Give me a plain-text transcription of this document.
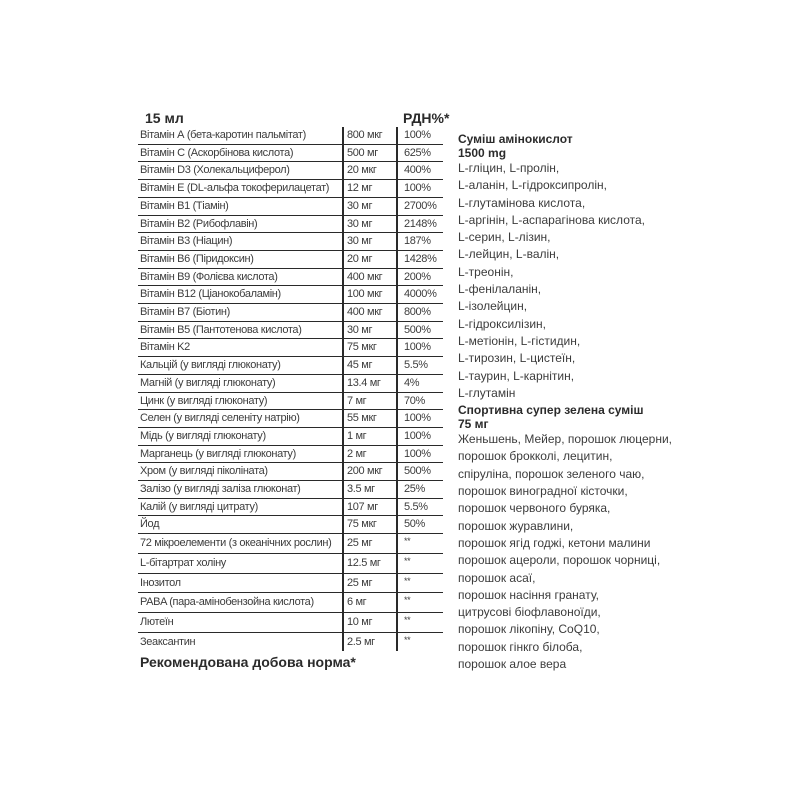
15 мл	РДН%*
Вітамін А (бета-каротин пальмітат)	800 мкг	100%
Вітамін С (Аскорбінова кислота)	500 мг	625%
Вітамін D3 (Холекальциферол)	20 мкг	400%
Вітамін E (DL-альфа токоферилацетат)	12 мг	100%
Вітамін B1 (Тіамін)	30 мг	2700%
Вітамін B2 (Рибофлавін)	30 мг	2148%
Вітамін B3 (Ніацин)	30 мг	187%
Вітамін B6 (Піридоксин)	20 мг	1428%
Вітамін B9 (Фолієва кислота)	400 мкг	200%
Вітамін B12 (Ціанокобаламін)	100 мкг	4000%
Вітамін B7 (Біотин)	400 мкг	800%
Вітамін B5 (Пантотенова кислота)	30 мг	500%
Вітамін K2	75 мкг	100%
Кальцій (у вигляді глюконату)	45 мг	5.5%
Магній (у вигляді глюконату)	13.4 мг	4%
Цинк (у вигляді глюконату)	7 мг	70%
Селен (у вигляді селеніту натрію)	55 мкг	100%
Мідь (у вигляді глюконату)	1 мг	100%
Марганець (у вигляді глюконату)	2 мг	100%
Хром (у вигляді піколіната)	200 мкг	500%
Залізо (у вигляді заліза глюконат)	3.5 мг	25%
Калій (у вигляді цитрату)	107 мг	5.5%
Йод	75 мкг	50%
72 мікроелементи (з океанічних рослин)	25 мг	**
L-бітартрат холіну	12.5 мг	**
Інозитол	25 мг	**
PABA (пара-амінобензойна кислота)	6 мг	**
Лютеїн	10 мг	**
Зеаксантин	2.5 мг	**
Рекомендована добова норма*
Суміш амінокислот
1500 mg
L-гліцин, L-пролін,
L-аланін, L-гідроксипролін,
L-глутамінова кислота,
L-аргінін, L-аспарагінова кислота,
L-серин, L-лізин,
L-лейцин, L-валін,
L-треонін,
L-фенілаланін,
L-ізолейцин,
L-гідроксилізин,
L-метіонін, L-гістидин,
L-тирозин, L-цистеїн,
L-таурин, L-карнітин,
L-глутамін
Спортивна супер зелена суміш
75 мг
Женьшень, Мейер, порошок люцерни,
порошок брокколі, лецитин,
спіруліна, порошок зеленого чаю,
порошок виноградної кісточки,
порошок червоного буряка,
порошок журавлини,
порошок ягід годжі, кетони малини
порошок ацероли, порошок чорниці,
порошок асаї,
порошок насіння гранату,
цитрусові біофлавоноїди,
порошок лікопіну, CoQ10,
порошок гінкго білоба,
порошок алое вера
